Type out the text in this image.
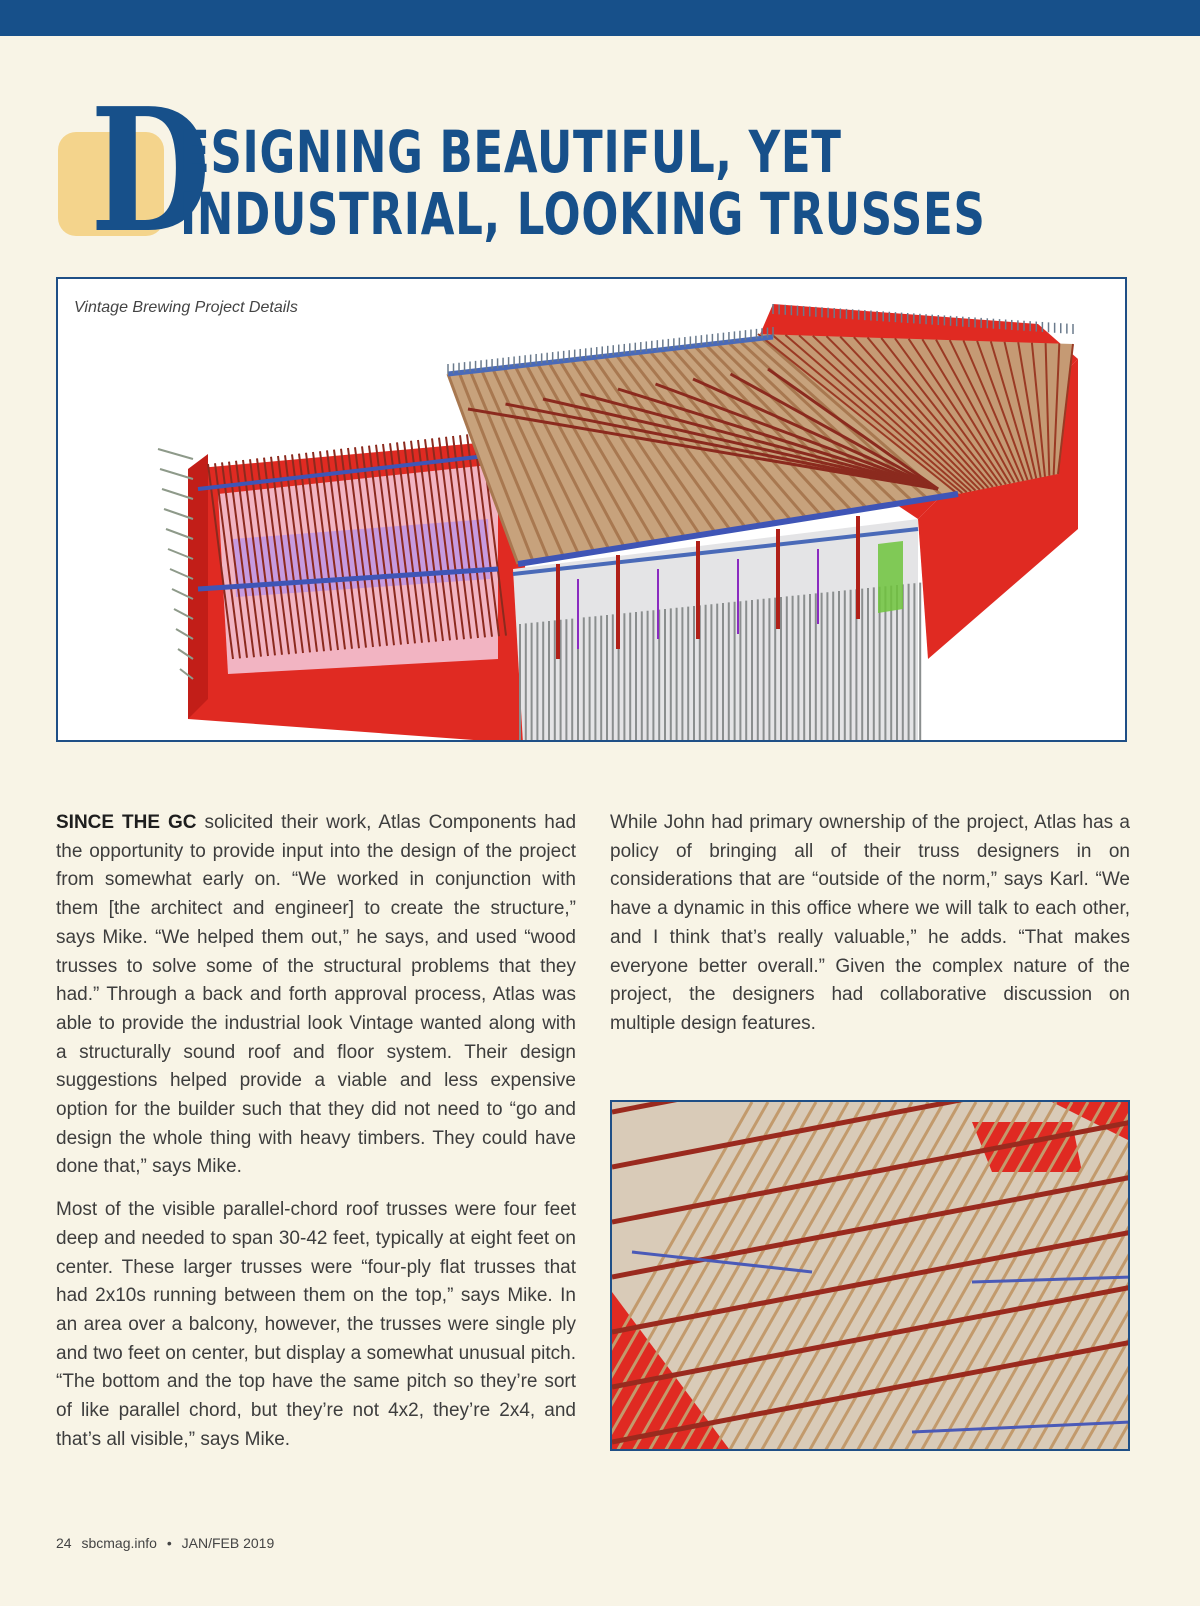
D
ESIGNING BEAUTIFUL, YET
INDUSTRIAL, LOOKING TRUSSES
Vintage Brewing Project Details

SINCE THE GC solicited their work, Atlas Components had the opportunity to provide input into the design of the project from somewhat early on. “We worked in conjunction with them [the architect and engineer] to create the structure,” says Mike. “We helped them out,” he says, and used “wood trusses to solve some of the structural problems that they had.” Through a back and forth approval process, Atlas was able to provide the industrial look Vintage wanted along with a structurally sound roof and floor system. Their design suggestions helped provide a viable and less expensive option for the builder such that they did not need to “go and design the whole thing with heavy timbers. They could have done that,” says Mike.

Most of the visible parallel-chord roof trusses were four feet deep and needed to span 30-42 feet, typically at eight feet on center. These larger trusses were “four-ply flat trusses that had 2x10s running between them on the top,” says Mike. In an area over a balcony, however, the trusses were single ply and two feet on center, but display a somewhat unusual pitch. “The bottom and the top have the same pitch so they’re sort of like parallel chord, but they’re not 4x2, they’re 2x4, and that’s all visible,” says Mike.

While John had primary ownership of the project, Atlas has a policy of bringing all of their truss designers in on considerations that are “outside of the norm,” says Karl. “We have a dynamic in this office where we will talk to each other, and I think that’s really valuable,” he adds. “That makes everyone better overall.” Given the complex nature of the project, the designers had collaborative discussion on multiple design features.

24 sbcmag.info • JAN/FEB 2019
